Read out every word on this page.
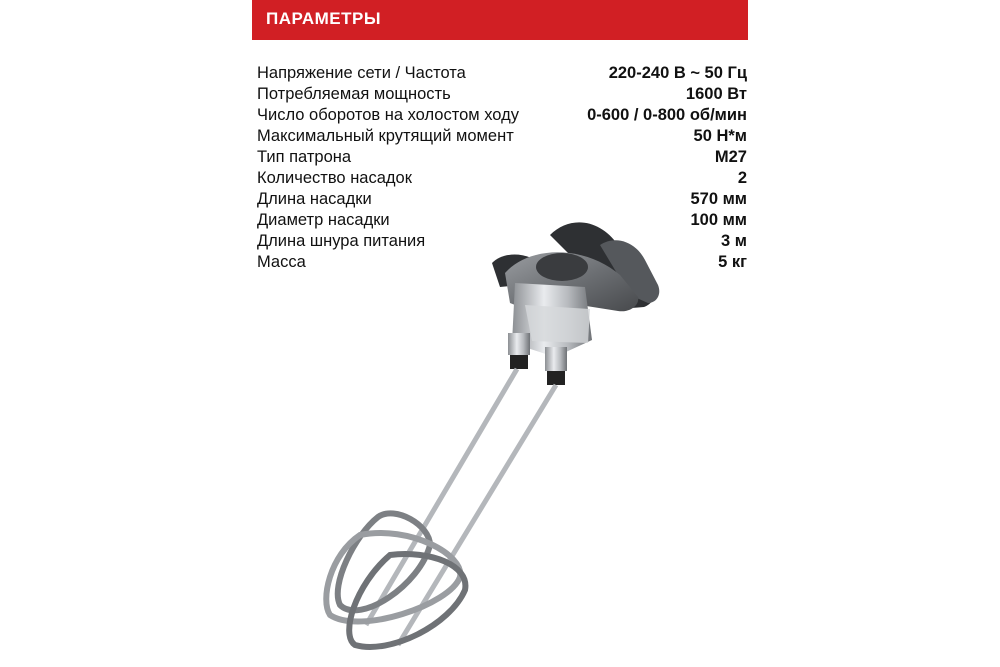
ПАРАМЕТРЫ
Напряжение сети / Частота	220-240 В ~ 50 Гц
Потребляемая мощность	1600 Вт
Число оборотов на холостом ходу	0-600 / 0-800 об/мин
Максимальный крутящий момент	50 Н*м
Тип патрона	М27
Количество насадок	2
Длина насадки	570 мм
Диаметр насадки	100 мм
Длина шнура питания	3 м
Масса	5 кг
